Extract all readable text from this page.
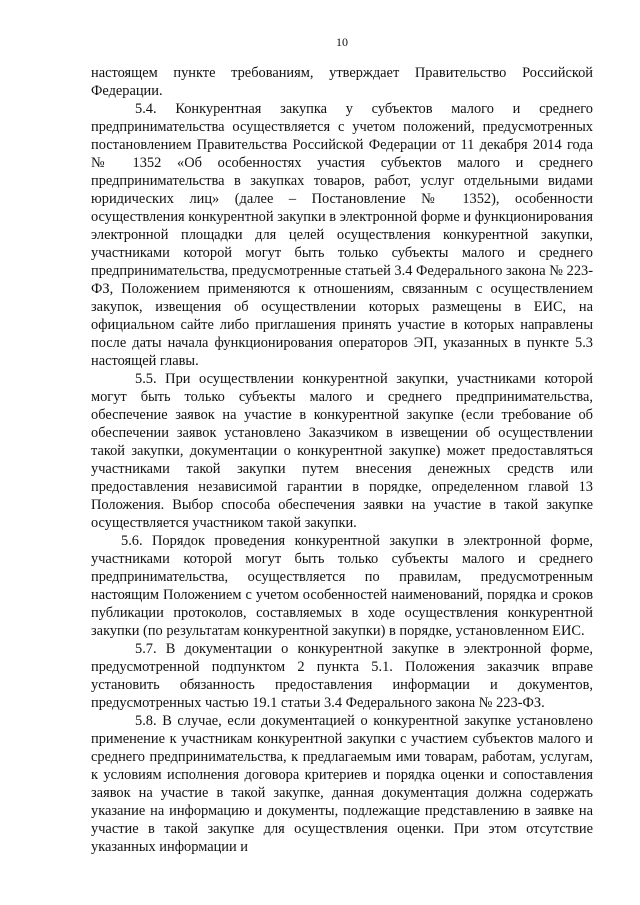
10

настоящем пункте требованиям, утверждает Правительство Российской Федерации.

5.4. Конкурентная закупка у субъектов малого и среднего предпринимательства осуществляется с учетом положений, предусмотренных постановлением Правительства Российской Федерации от 11 декабря 2014 года № 1352 «Об особенностях участия субъектов малого и среднего предпринимательства в закупках товаров, работ, услуг отдельными видами юридических лиц» (далее – Постановление № 1352), особенности осуществления конкурентной закупки в электронной форме и функционирования электронной площадки для целей осуществления конкурентной закупки, участниками которой могут быть только субъекты малого и среднего предпринимательства, предусмотренные статьей 3.4 Федерального закона № 223-ФЗ, Положением применяются к отношениям, связанным с осуществлением закупок, извещения об осуществлении которых размещены в ЕИС, на официальном сайте либо приглашения принять участие в которых направлены после даты начала функционирования операторов ЭП, указанных в пункте 5.3 настоящей главы.

5.5. При осуществлении конкурентной закупки, участниками которой могут быть только субъекты малого и среднего предпринимательства, обеспечение заявок на участие в конкурентной закупке (если требование об обеспечении заявок установлено Заказчиком в извещении об осуществлении такой закупки, документации о конкурентной закупке) может предоставляться участниками такой закупки путем внесения денежных средств или предоставления независимой гарантии в порядке, определенном главой 13 Положения. Выбор способа обеспечения заявки на участие в такой закупке осуществляется участником такой закупки.

5.6. Порядок проведения конкурентной закупки в электронной форме, участниками которой могут быть только субъекты малого и среднего предпринимательства, осуществляется по правилам, предусмотренным настоящим Положением с учетом особенностей наименований, порядка и сроков публикации протоколов, составляемых в ходе осуществления конкурентной закупки (по результатам конкурентной закупки) в порядке, установленном ЕИС.

5.7. В документации о конкурентной закупке в электронной форме, предусмотренной подпунктом 2 пункта 5.1. Положения заказчик вправе установить обязанность предоставления информации и документов, предусмотренных частью 19.1 статьи 3.4 Федерального закона № 223-ФЗ.

5.8. В случае, если документацией о конкурентной закупке установлено применение к участникам конкурентной закупки с участием субъектов малого и среднего предпринимательства, к предлагаемым ими товарам, работам, услугам, к условиям исполнения договора критериев и порядка оценки и сопоставления заявок на участие в такой закупке, данная документация должна содержать указание на информацию и документы, подлежащие представлению в заявке на участие в такой закупке для осуществления оценки. При этом отсутствие указанных информации и
